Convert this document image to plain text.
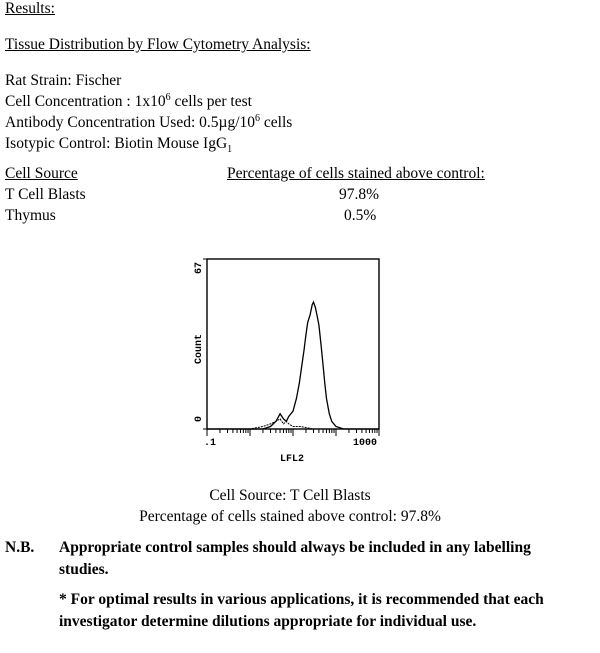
Results:
Tissue Distribution by Flow Cytometry Analysis:
Rat Strain: Fischer
Cell Concentration : $1x10^6$ cells per test
Antibody Concentration Used: $0.5\mu g/10^6$ cells
Isotypic Control: Biotin Mouse IgG$_1$
Cell Source	Percentage of cells stained above control:
T Cell Blasts	97.8%
Thymus	0.5%
67
0
Count
.1	1000
LFL2
Cell Source: T Cell Blasts
Percentage of cells stained above control: 97.8%
N.B. Appropriate control samples should always be included in any labelling studies.
* For optimal results in various applications, it is recommended that each investigator determine dilutions appropriate for individual use.
